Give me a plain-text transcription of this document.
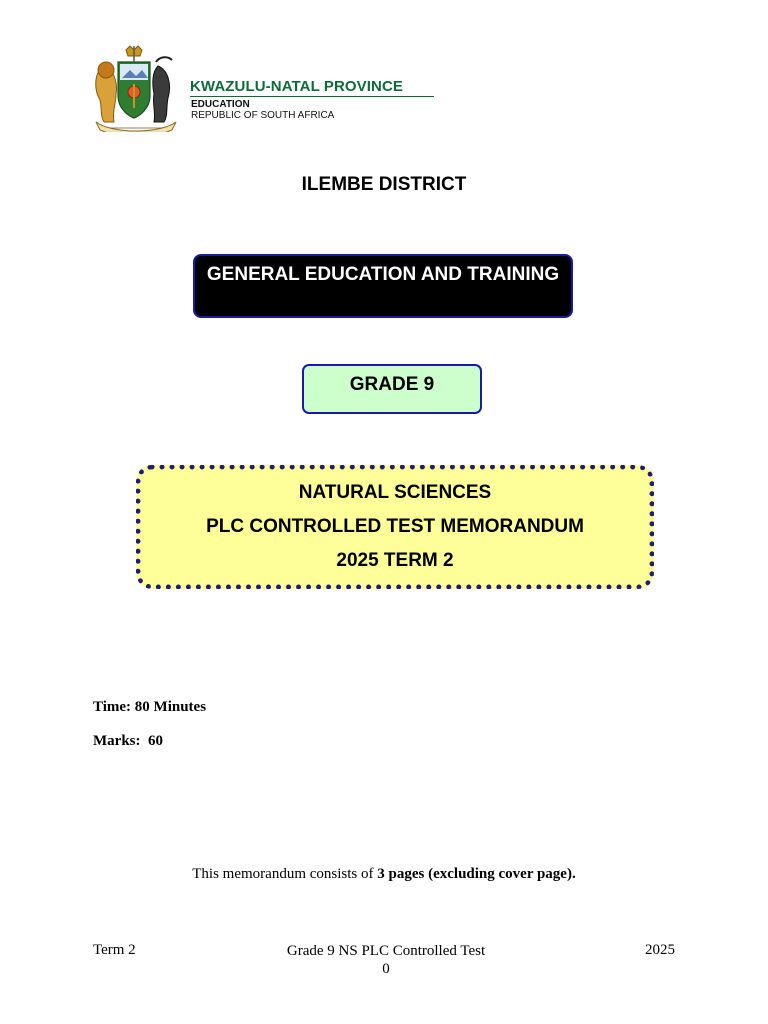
KWAZULU-NATAL PROVINCE
EDUCATION
REPUBLIC OF SOUTH AFRICA
ILEMBE DISTRICT
GENERAL EDUCATION AND TRAINING
GRADE 9
NATURAL SCIENCES
PLC CONTROLLED TEST MEMORANDUM
2025 TERM 2
Time: 80 Minutes
Marks:  60
This memorandum consists of 3 pages (excluding cover page).
Term 2	Grade 9 NS PLC Controlled Test
0
2025
